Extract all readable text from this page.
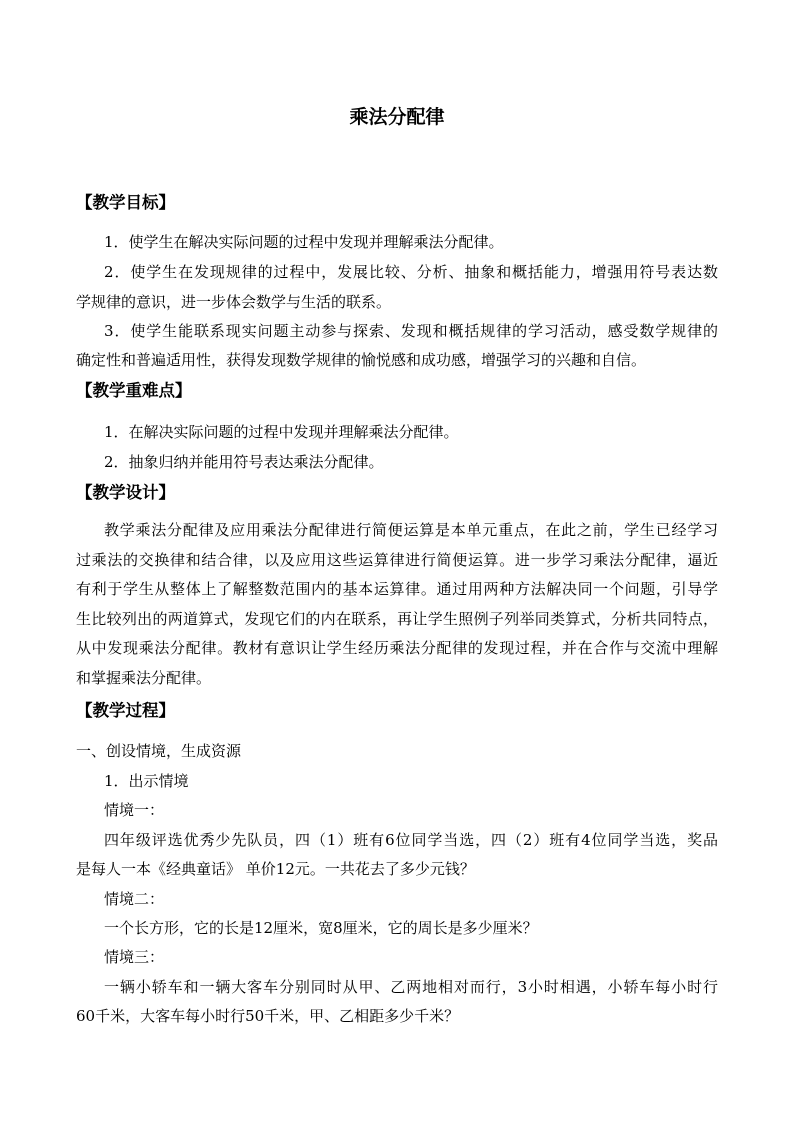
乘法分配律
【教学目标】
1．使学生在解决实际问题的过程中发现并理解乘法分配律。
2．使学生在发现规律的过程中，发展比较、分析、抽象和概括能力，增强用符号表达数
学规律的意识，进一步体会数学与生活的联系。
3．使学生能联系现实问题主动参与探索、发现和概括规律的学习活动，感受数学规律的
确定性和普遍适用性，获得发现数学规律的愉悦感和成功感，增强学习的兴趣和自信。
【教学重难点】
1．在解决实际问题的过程中发现并理解乘法分配律。
2．抽象归纳并能用符号表达乘法分配律。
【教学设计】
教学乘法分配律及应用乘法分配律进行简便运算是本单元重点，在此之前，学生已经学习
过乘法的交换律和结合律，以及应用这些运算律进行简便运算。进一步学习乘法分配律，逼近
有利于学生从整体上了解整数范围内的基本运算律。通过用两种方法解决同一个问题，引导学
生比较列出的两道算式，发现它们的内在联系，再让学生照例子列举同类算式，分析共同特点，
从中发现乘法分配律。教材有意识让学生经历乘法分配律的发现过程，并在合作与交流中理解
和掌握乘法分配律。
【教学过程】
一、创设情境，生成资源
1．出示情境
情境一：
四年级评选优秀少先队员，四（1）班有6位同学当选，四（2）班有4位同学当选，奖品
是每人一本《经典童话》 单价12元。一共花去了多少元钱？
情境二：
一个长方形，它的长是12厘米，宽8厘米，它的周长是多少厘米？
情境三：
一辆小轿车和一辆大客车分别同时从甲、乙两地相对而行，3小时相遇，小轿车每小时行
60千米，大客车每小时行50千米，甲、乙相距多少千米？
